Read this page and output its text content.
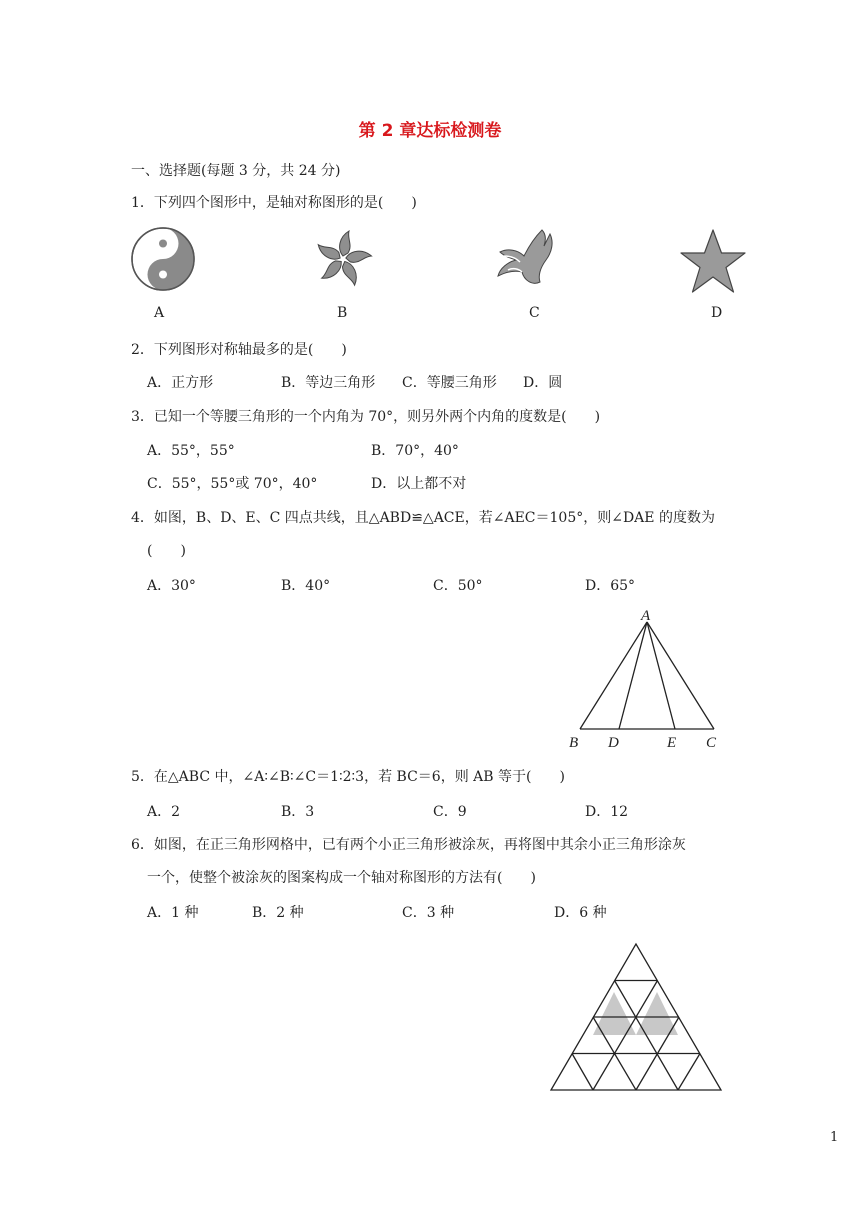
第 2 章达标检测卷
一、选择题(每题 3 分，共 24 分)
1．下列四个图形中，是轴对称图形的是(　　)
A	B	C	D
2．下列图形对称轴最多的是(　　)
A．正方形	B．等边三角形 C．等腰三角形 D．圆
3．已知一个等腰三角形的一个内角为 70°，则另外两个内角的度数是(　　)
A．55°，55°	B．70°，40°
C．55°，55°或 70°，40°	D．以上都不对
4．如图，B、D、E、C 四点共线，且△ABD≌△ACE，若∠AEC＝105°，则∠DAE 的度数为
(　　)
A．30°	B．40°	C．50°	D．65°
A
B D	E C
5．在△ABC 中，∠A∶∠B∶∠C＝1∶2∶3，若 BC＝6，则 AB 等于(　　)
A．2	B．3	C．9	D．12
6．如图，在正三角形网格中，已有两个小正三角形被涂灰，再将图中其余小正三角形涂灰
一个，使整个被涂灰的图案构成一个轴对称图形的方法有(　　)
A．1 种	B．2 种	C．3 种	D．6 种
1
